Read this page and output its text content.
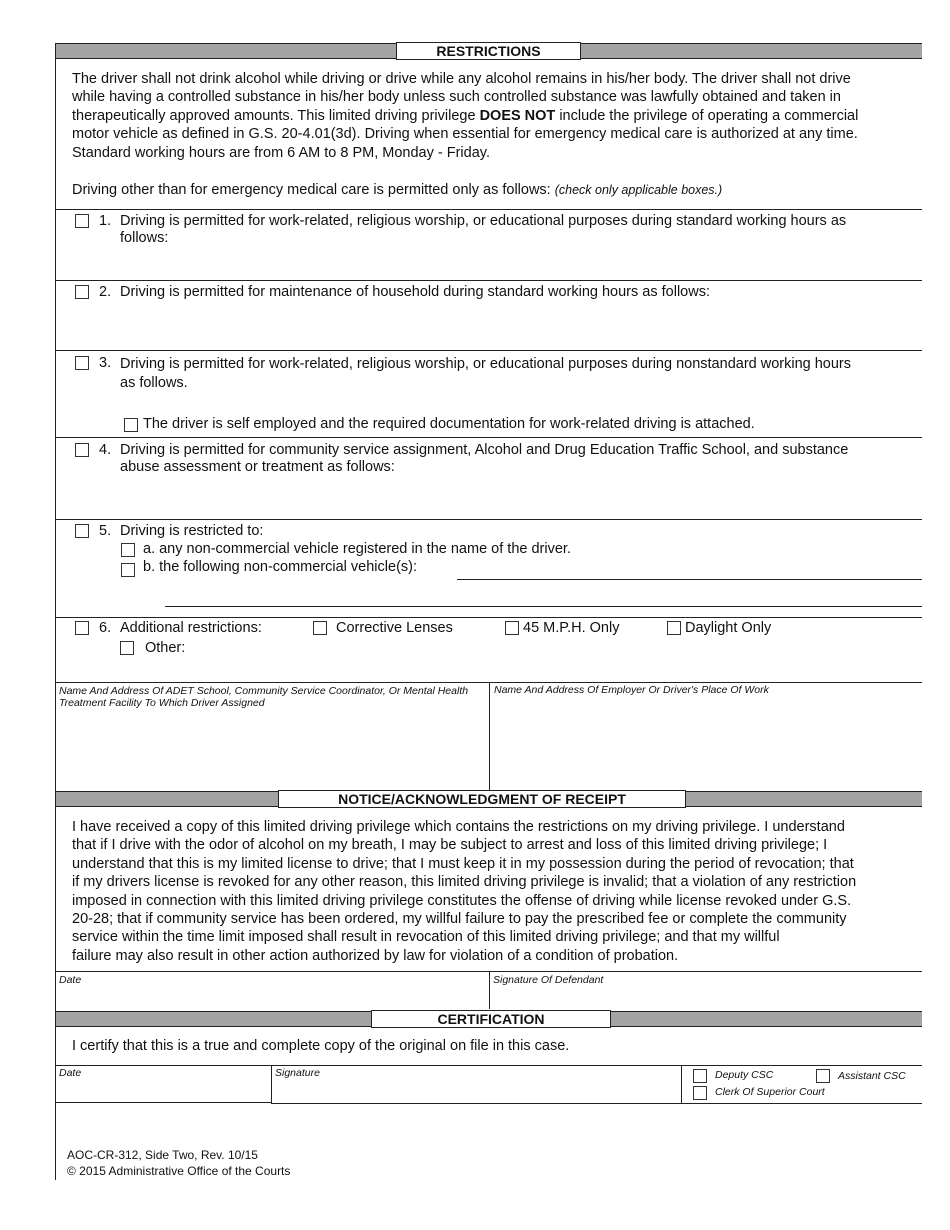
RESTRICTIONS
The driver shall not drink alcohol while driving or drive while any alcohol remains in his/her body. The driver shall not drive
while having a controlled substance in his/her body unless such controlled substance was lawfully obtained and taken in
therapeutically approved amounts. This limited driving privilege DOES NOT include the privilege of operating a commercial
motor vehicle as defined in G.S. 20-4.01(3d). Driving when essential for emergency medical care is authorized at any time.
Standard working hours are from 6 AM to 8 PM, Monday - Friday.
Driving other than for emergency medical care is permitted only as follows: (check only applicable boxes.)
1. Driving is permitted for work-related, religious worship, or educational purposes during standard working hours as
follows:
2. Driving is permitted for maintenance of household during standard working hours as follows:
3. Driving is permitted for work-related, religious worship, or educational purposes during nonstandard working hours
as follows.
The driver is self employed and the required documentation for work-related driving is attached.
4. Driving is permitted for community service assignment, Alcohol and Drug Education Traffic School, and substance
abuse assessment or treatment as follows:
5. Driving is restricted to:
a. any non-commercial vehicle registered in the name of the driver.
b. the following non-commercial vehicle(s):
6. Additional restrictions:	Corrective Lenses	45 M.P.H. Only	Daylight Only
Other:
Name And Address Of ADET School, Community Service Coordinator, Or Mental Health
Treatment Facility To Which Driver Assigned
Name And Address Of Employer Or Driver's Place Of Work
NOTICE/ACKNOWLEDGMENT OF RECEIPT
I have received a copy of this limited driving privilege which contains the restrictions on my driving privilege. I understand
that if I drive with the odor of alcohol on my breath, I may be subject to arrest and loss of this limited driving privilege; I
understand that this is my limited license to drive; that I must keep it in my possession during the period of revocation; that
if my drivers license is revoked for any other reason, this limited driving privilege is invalid; that a violation of any restriction
imposed in connection with this limited driving privilege constitutes the offense of driving while license revoked under G.S.
20-28; that if community service has been ordered, my willful failure to pay the prescribed fee or complete the community
service within the time limit imposed shall result in revocation of this limited driving privilege; and that my willful
failure may also result in other action authorized by law for violation of a condition of probation.
Date	Signature Of Defendant
CERTIFICATION
I certify that this is a true and complete copy of the original on file in this case.
Date	Signature	Deputy CSC	Assistant CSC
Clerk Of Superior Court
AOC-CR-312, Side Two, Rev. 10/15
© 2015 Administrative Office of the Courts
